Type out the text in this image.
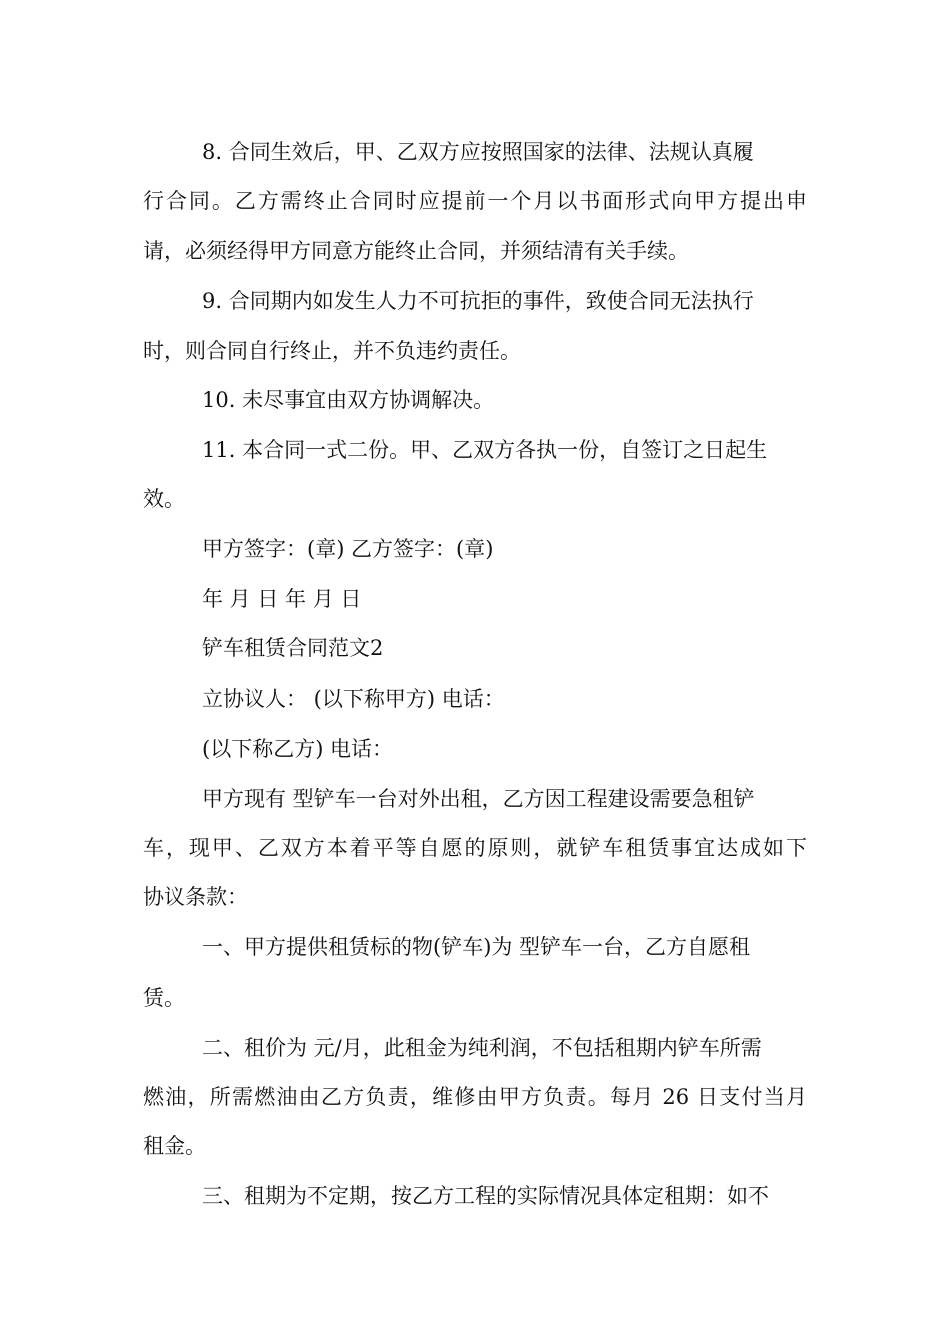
8. 合同生效后，甲、乙双方应按照国家的法律、法规认真履
行合同。乙方需终止合同时应提前一个月以书面形式向甲方提出申
请，必须经得甲方同意方能终止合同，并须结清有关手续。
9. 合同期内如发生人力不可抗拒的事件，致使合同无法执行
时，则合同自行终止，并不负违约责任。
10. 未尽事宜由双方协调解决。
11. 本合同一式二份。甲、乙双方各执一份，自签订之日起生
效。
甲方签字：(章) 乙方签字：(章)
年 月 日 年 月 日
铲车租赁合同范文2
立协议人： (以下称甲方) 电话：
(以下称乙方) 电话：
甲方现有 型铲车一台对外出租，乙方因工程建设需要急租铲
车，现甲、乙双方本着平等自愿的原则，就铲车租赁事宜达成如下
协议条款：
一、甲方提供租赁标的物(铲车)为 型铲车一台，乙方自愿租
赁。
二、租价为 元/月，此租金为纯利润，不包括租期内铲车所需
燃油，所需燃油由乙方负责，维修由甲方负责。每月 26 日支付当月
租金。
三、租期为不定期，按乙方工程的实际情况具体定租期：如不
